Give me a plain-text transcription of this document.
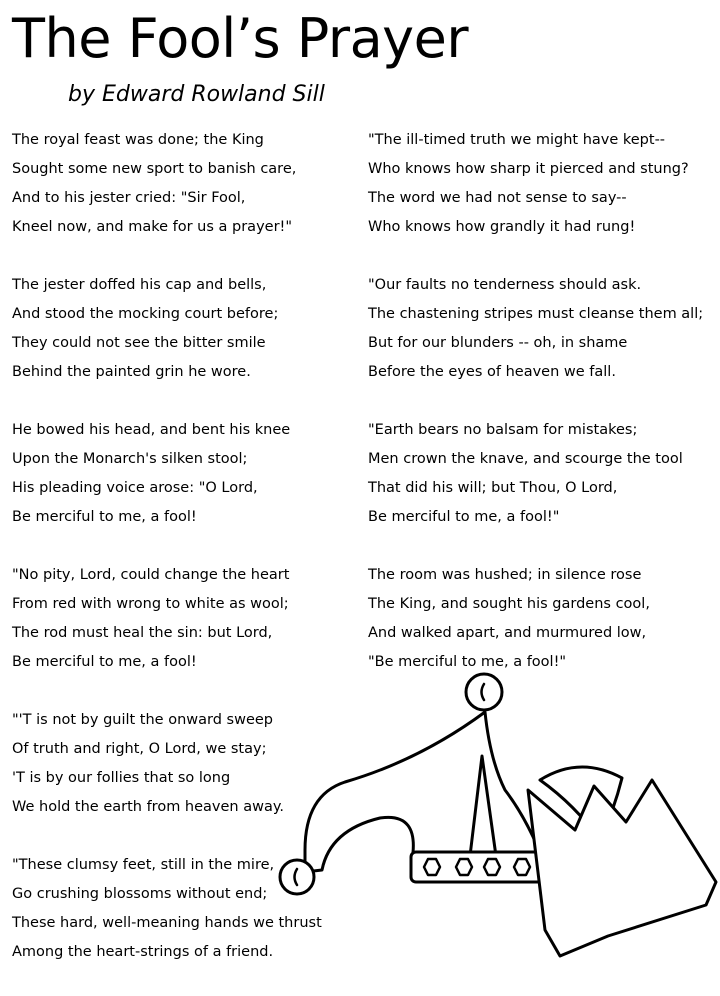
The Fool’s Prayer
by Edward Rowland Sill
The royal feast was done; the King
Sought some new sport to banish care,
And to his jester cried: "Sir Fool,
Kneel now, and make for us a prayer!"
The jester doffed his cap and bells,
And stood the mocking court before;
They could not see the bitter smile
Behind the painted grin he wore.
He bowed his head, and bent his knee
Upon the Monarch's silken stool;
His pleading voice arose: "O Lord,
Be merciful to me, a fool!
"No pity, Lord, could change the heart
From red with wrong to white as wool;
The rod must heal the sin: but Lord,
Be merciful to me, a fool!
"'T is not by guilt the onward sweep
Of truth and right, O Lord, we stay;
'T is by our follies that so long
We hold the earth from heaven away.
"These clumsy feet, still in the mire,
Go crushing blossoms without end;
These hard, well-meaning hands we thrust
Among the heart-strings of a friend.
"The ill-timed truth we might have kept--
Who knows how sharp it pierced and stung?
The word we had not sense to say--
Who knows how grandly it had rung!
"Our faults no tenderness should ask.
The chastening stripes must cleanse them all;
But for our blunders -- oh, in shame
Before the eyes of heaven we fall.
"Earth bears no balsam for mistakes;
Men crown the knave, and scourge the tool
That did his will; but Thou, O Lord,
Be merciful to me, a fool!"
The room was hushed; in silence rose
The King, and sought his gardens cool,
And walked apart, and murmured low,
"Be merciful to me, a fool!"
